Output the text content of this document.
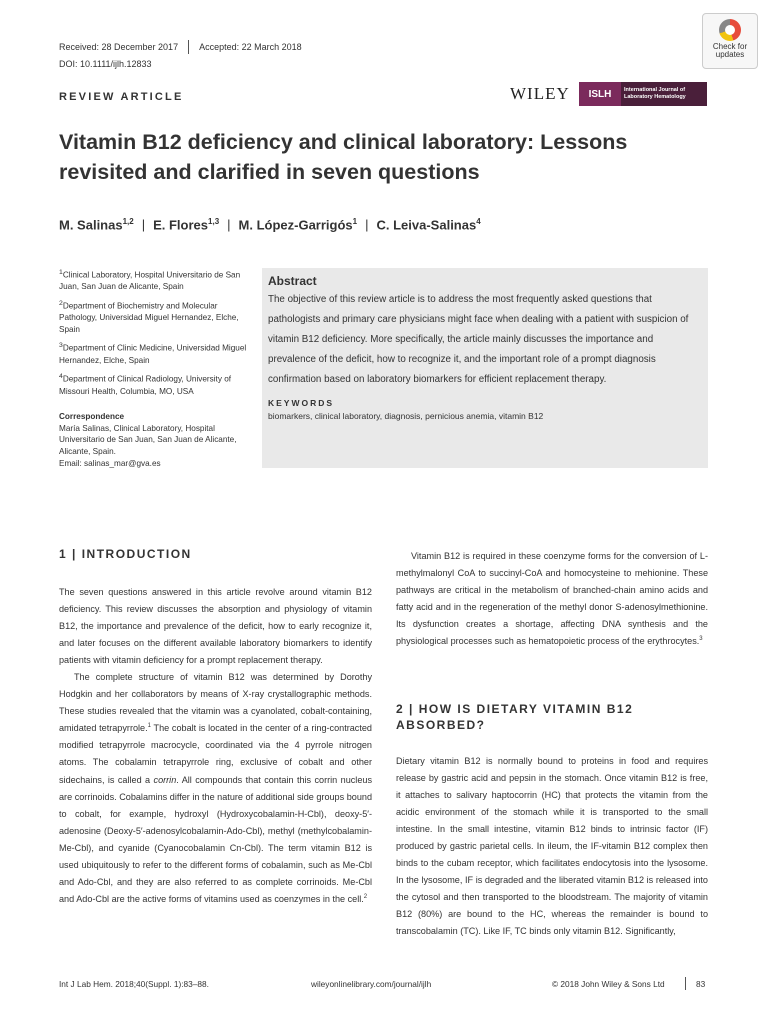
Received: 28 December 2017 Accepted: 22 March 2018
DOI: 10.1111/ijlh.12833
REVIEW ARTICLE	WILEY	ISLH	International Journal of Laboratory Hematology
Check for updates
Vitamin B12 deficiency and clinical laboratory: Lessons revisited and clarified in seven questions
M. Salinas$^{1,2}$ | E. Flores$^{1,3}$ | M. López-Garrigós$^1$ | C. Leiva-Salinas$^4$

$^1$Clinical Laboratory, Hospital Universitario de San Juan, San Juan de Alicante, Spain

$^2$Department of Biochemistry and Molecular Pathology, Universidad Miguel Hernandez, Elche, Spain

$^3$Department of Clinic Medicine, Universidad Miguel Hernandez, Elche, Spain

$^4$Department of Clinical Radiology, University of Missouri Health, Columbia, MO, USA

Correspondence

María Salinas, Clinical Laboratory, Hospital Universitario de San Juan, San Juan de Alicante, Alicante, Spain.

Email: salinas_mar@gva.es

Abstract
The objective of this review article is to address the most frequently asked questions that pathologists and primary care physicians might face when dealing with a patient with suspicion of vitamin B12 deficiency. More specifically, the article mainly discusses the importance and prevalence of the deficit, how to recognize it, and the important role of a prompt diagnosis confirmation based on laboratory biomarkers for efficient replacement therapy.
KEYWORDS
biomarkers, clinical laboratory, diagnosis, pernicious anemia, vitamin B12
1 | INTRODUCTION

The seven questions answered in this article revolve around vitamin B12 deficiency. This review discusses the absorption and physiology of vitamin B12, the importance and prevalence of the deficit, how to early recognize it, and later focuses on the different available laboratory biomarkers to identify patients with vitamin deficiency for a prompt replacement therapy.

The complete structure of vitamin B12 was determined by Dorothy Hodgkin and her collaborators by means of X-ray crystallographic methods. These studies revealed that the vitamin was a cyanolated, cobalt-containing, amidated tetrapyrrole.$^1$ The cobalt is located in the center of a ring-contracted modified tetrapyrrole macrocycle, coordinated via the 4 pyrrole nitrogen atoms. The cobalamin tetrapyrrole ring, exclusive of cobalt and other sidechains, is called a corrin. All compounds that contain this corrin nucleus are corrinoids. Cobalamins differ in the nature of additional side groups bound to cobalt, for example, hydroxyl (Hydroxycobalamin-H-Cbl), deoxy-5′-adenosine (Deoxy-5′-adenosylcobalamin-Ado-Cbl), methyl (methylcobalamin-Me-Cbl), and cyanide (Cyanocobalamin Cn-Cbl). The term vitamin B12 is used ubiquitously to refer to the different forms of cobalamin, such as Me-Cbl and Ado-Cbl, and they are also referred to as complete corrinoids. Me-Cbl and Ado-Cbl are the active forms of vitamins used as coenzymes in the cell.$^2$

Vitamin B12 is required in these coenzyme forms for the conversion of L-methylmalonyl CoA to succinyl-CoA and homocysteine to mehionine. These pathways are critical in the metabolism of branched-chain amino acids and fatty acid and in the regeneration of the methyl donor S-adenosylmethionine. Its dysfunction creates a shortage, affecting DNA synthesis and the physiological processes such as hematopoietic process of the erythrocytes.$^3$

2 | HOW IS DIETARY VITAMIN B12 ABSORBED?

Dietary vitamin B12 is normally bound to proteins in food and requires release by gastric acid and pepsin in the stomach. Once vitamin B12 is free, it attaches to salivary haptocorrin (HC) that protects the vitamin from the acidic environment of the stomach while it is transported to the small intestine. In the small intestine, vitamin B12 binds to intrinsic factor (IF) produced by gastric parietal cells. In ileum, the IF-vitamin B12 complex then binds to the cubam receptor, which facilitates endocytosis into the lysosome. In the lysosome, IF is degraded and the liberated vitamin B12 is released into the cytosol and then transported to the bloodstream. The majority of vitamin B12 (80%) are bound to the HC, whereas the remainder is bound to transcobalamin (TC). Like IF, TC binds only vitamin B12. Significantly,

Int J Lab Hem. 2018;40(Suppl. 1):83–88.	wileyonlinelibrary.com/journal/ijlh	© 2018 John Wiley & Sons Ltd	83
